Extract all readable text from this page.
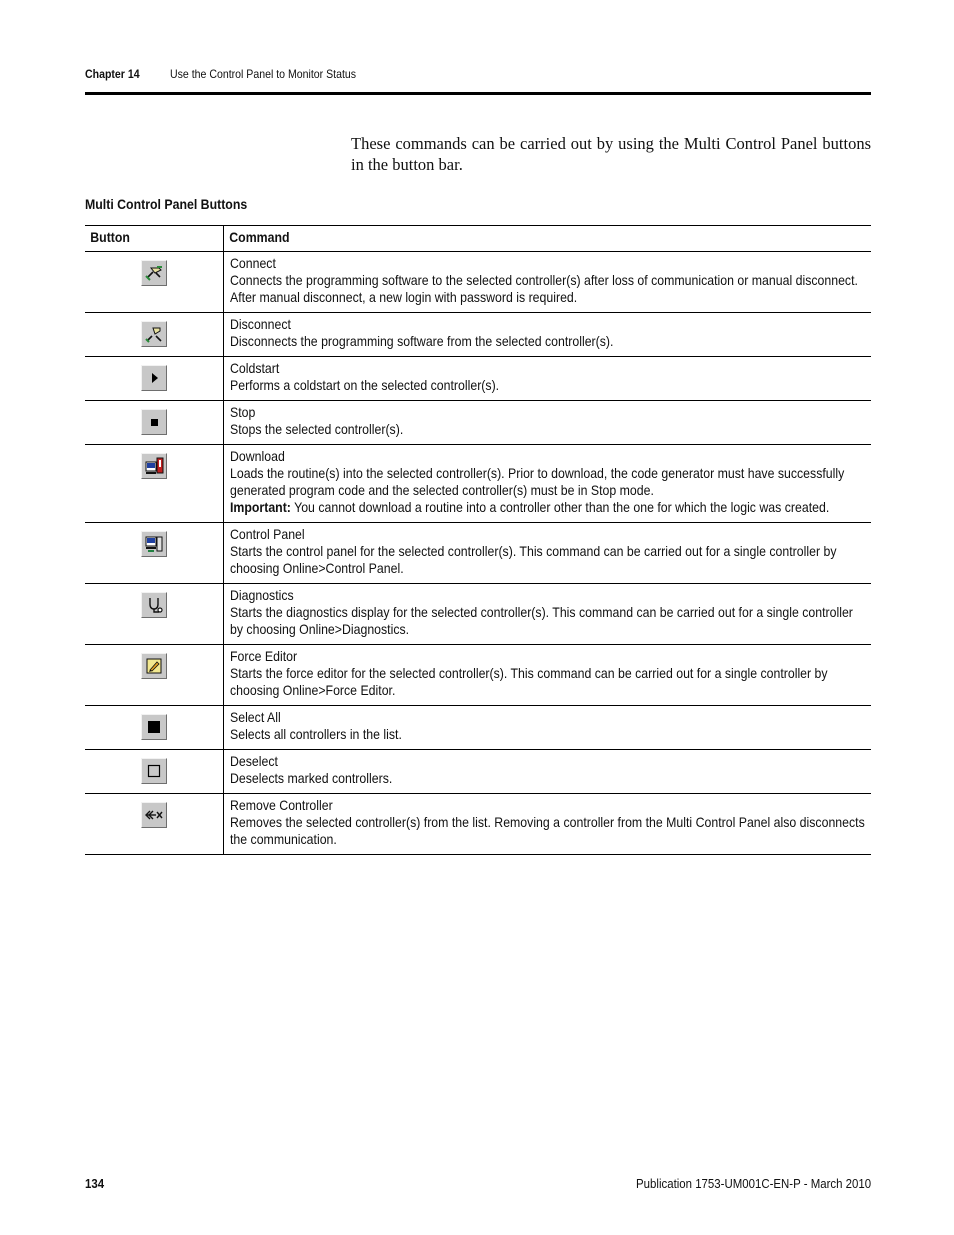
Chapter 14	Use the Control Panel to Monitor Status

These commands can be carried out by using the Multi Control Panel buttons in the button bar.

Multi Control Panel Buttons
Button	Command

Connect
Connects the programming software to the selected controller(s) after loss of communication or manual disconnect.
After manual disconnect, a new login with password is required.

Disconnect
Disconnects the programming software from the selected controller(s).

Coldstart
Performs a coldstart on the selected controller(s).

Stop
Stops the selected controller(s).

Download
Loads the routine(s) into the selected controller(s). Prior to download, the code generator must have successfully generated program code and the selected controller(s) must be in Stop mode.
Important: You cannot download a routine into a controller other than the one for which the logic was created.

Control Panel
Starts the control panel for the selected controller(s). This command can be carried out for a single controller by choosing Online>Control Panel.

Diagnostics
Starts the diagnostics display for the selected controller(s). This command can be carried out for a single controller by choosing Online>Diagnostics.

Force Editor
Starts the force editor for the selected controller(s). This command can be carried out for a single controller by choosing Online>Force Editor.

Select All
Selects all controllers in the list.

Deselect
Deselects marked controllers.

Remove Controller
Removes the selected controller(s) from the list. Removing a controller from the Multi Control Panel also disconnects the communication.
134	Publication 1753-UM001C-EN-P - March 2010
